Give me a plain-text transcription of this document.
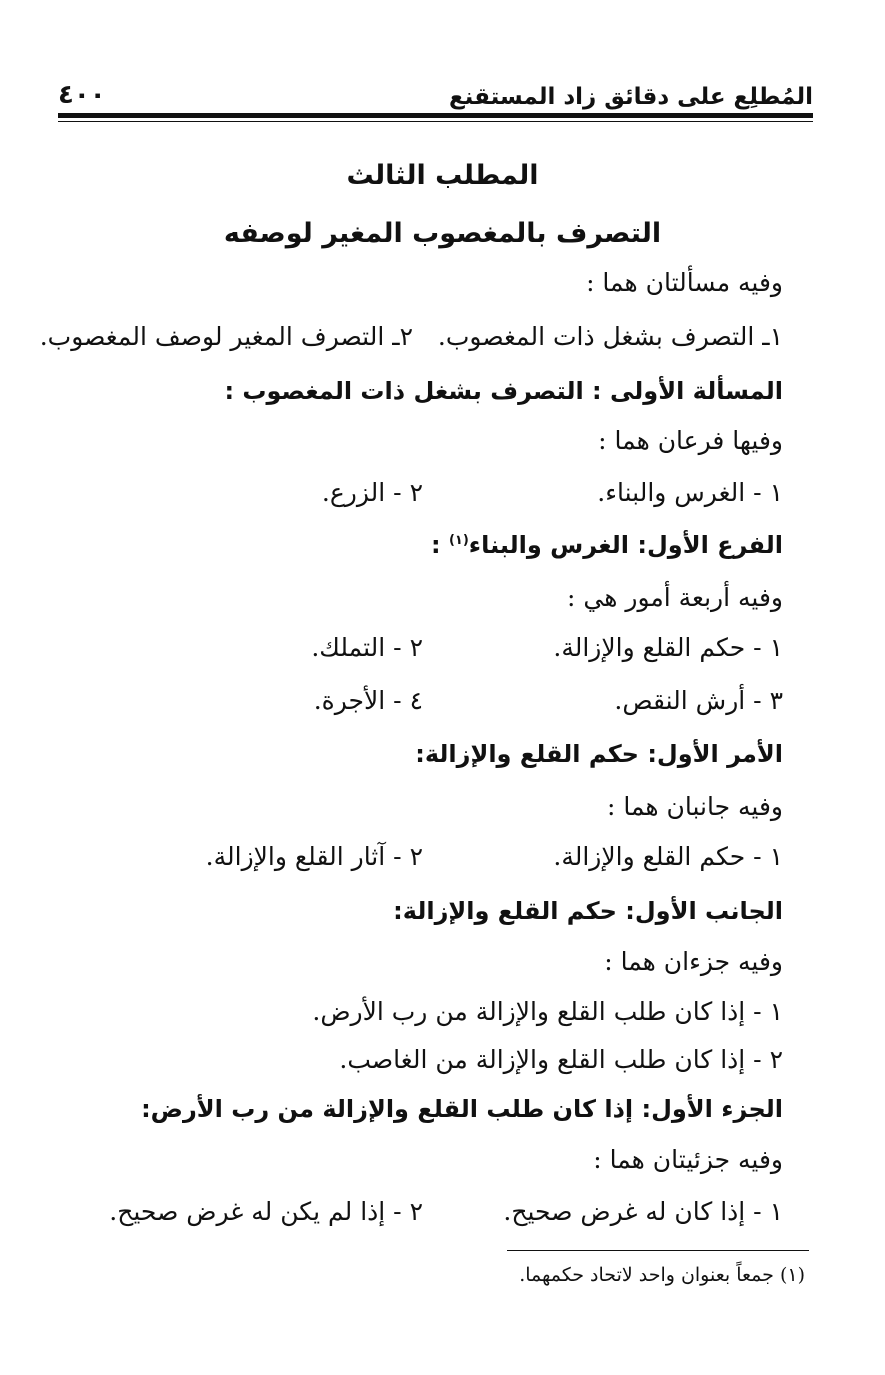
المُطلِع على دقائق زاد المستقنع
٤٠٠
المطلب الثالث
التصرف بالمغصوب المغير لوصفه
وفيه مسألتان هما :
١ـ التصرف بشغل ذات المغصوب.
٢ـ التصرف المغير لوصف المغصوب.
المسألة الأولى : التصرف بشغل ذات المغصوب :
وفيها فرعان هما :
١ - الغرس والبناء.
٢ - الزرع.
الفرع الأول: الغرس والبناء$^{(١)}$ :
وفيه أربعة أمور هي :
١ - حكم القلع والإزالة.
٢ - التملك.
٣ - أرش النقص.
٤ - الأجرة.
الأمر الأول: حكم القلع والإزالة:
وفيه جانبان هما :
١ - حكم القلع والإزالة.
٢ - آثار القلع والإزالة.
الجانب الأول: حكم القلع والإزالة:
وفيه جزءان هما :
١ - إذا كان طلب القلع والإزالة من رب الأرض.
٢ - إذا كان طلب القلع والإزالة من الغاصب.
الجزء الأول: إذا كان طلب القلع والإزالة من رب الأرض:
وفيه جزئيتان هما :
١ - إذا كان له غرض صحيح.
٢ - إذا لم يكن له غرض صحيح.
(١) جمعاً بعنوان واحد لاتحاد حكمهما.
